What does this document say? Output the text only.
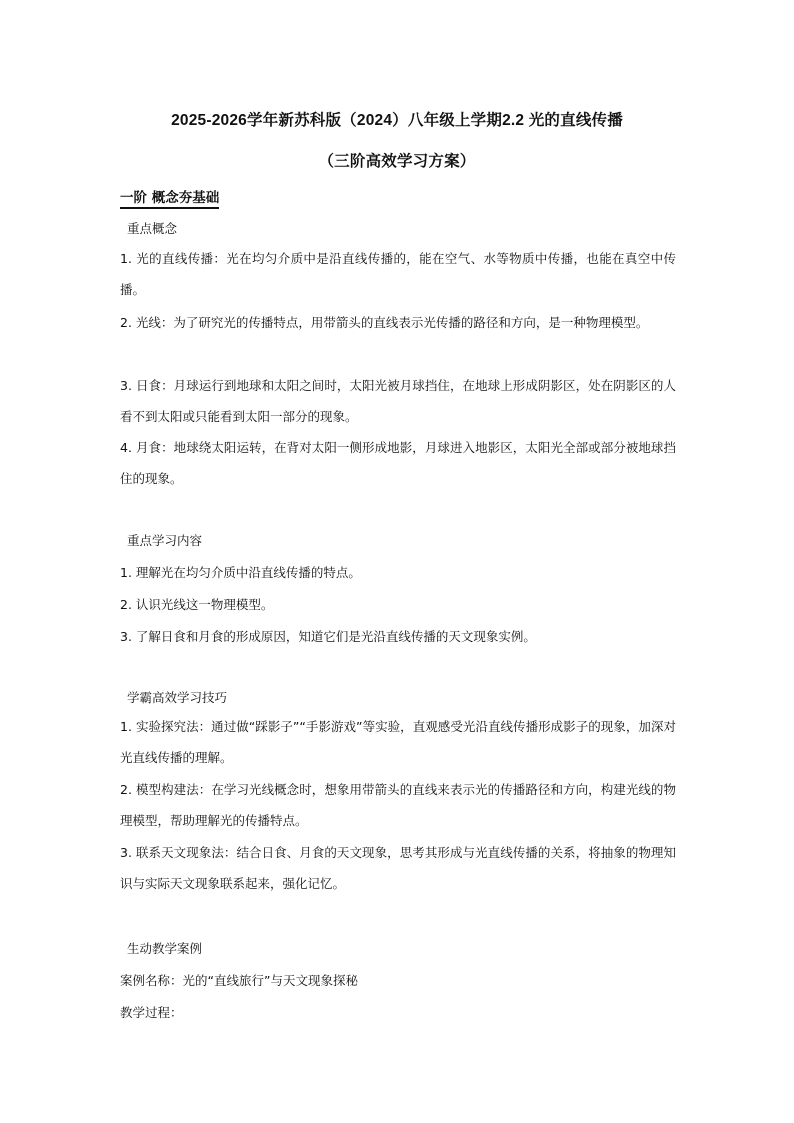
2025-2026学年新苏科版（2024）八年级上学期2.2 光的直线传播
（三阶高效学习方案）
一阶 概念夯基础
重点概念
1. 光的直线传播：光在均匀介质中是沿直线传播的，能在空气、水等物质中传播，也能在真空中传播。
2. 光线：为了研究光的传播特点，用带箭头的直线表示光传播的路径和方向，是一种物理模型。
3. 日食：月球运行到地球和太阳之间时，太阳光被月球挡住，在地球上形成阴影区，处在阴影区的人看不到太阳或只能看到太阳一部分的现象。
4. 月食：地球绕太阳运转，在背对太阳一侧形成地影，月球进入地影区，太阳光全部或部分被地球挡住的现象。
重点学习内容
1. 理解光在均匀介质中沿直线传播的特点。
2. 认识光线这一物理模型。
3. 了解日食和月食的形成原因，知道它们是光沿直线传播的天文现象实例。
学霸高效学习技巧
1. 实验探究法：通过做“踩影子”“手影游戏”等实验，直观感受光沿直线传播形成影子的现象，加深对光直线传播的理解。
2. 模型构建法：在学习光线概念时，想象用带箭头的直线来表示光的传播路径和方向，构建光线的物理模型，帮助理解光的传播特点。
3. 联系天文现象法：结合日食、月食的天文现象，思考其形成与光直线传播的关系，将抽象的物理知识与实际天文现象联系起来，强化记忆。
生动教学案例
案例名称：光的“直线旅行”与天文现象探秘
教学过程：
